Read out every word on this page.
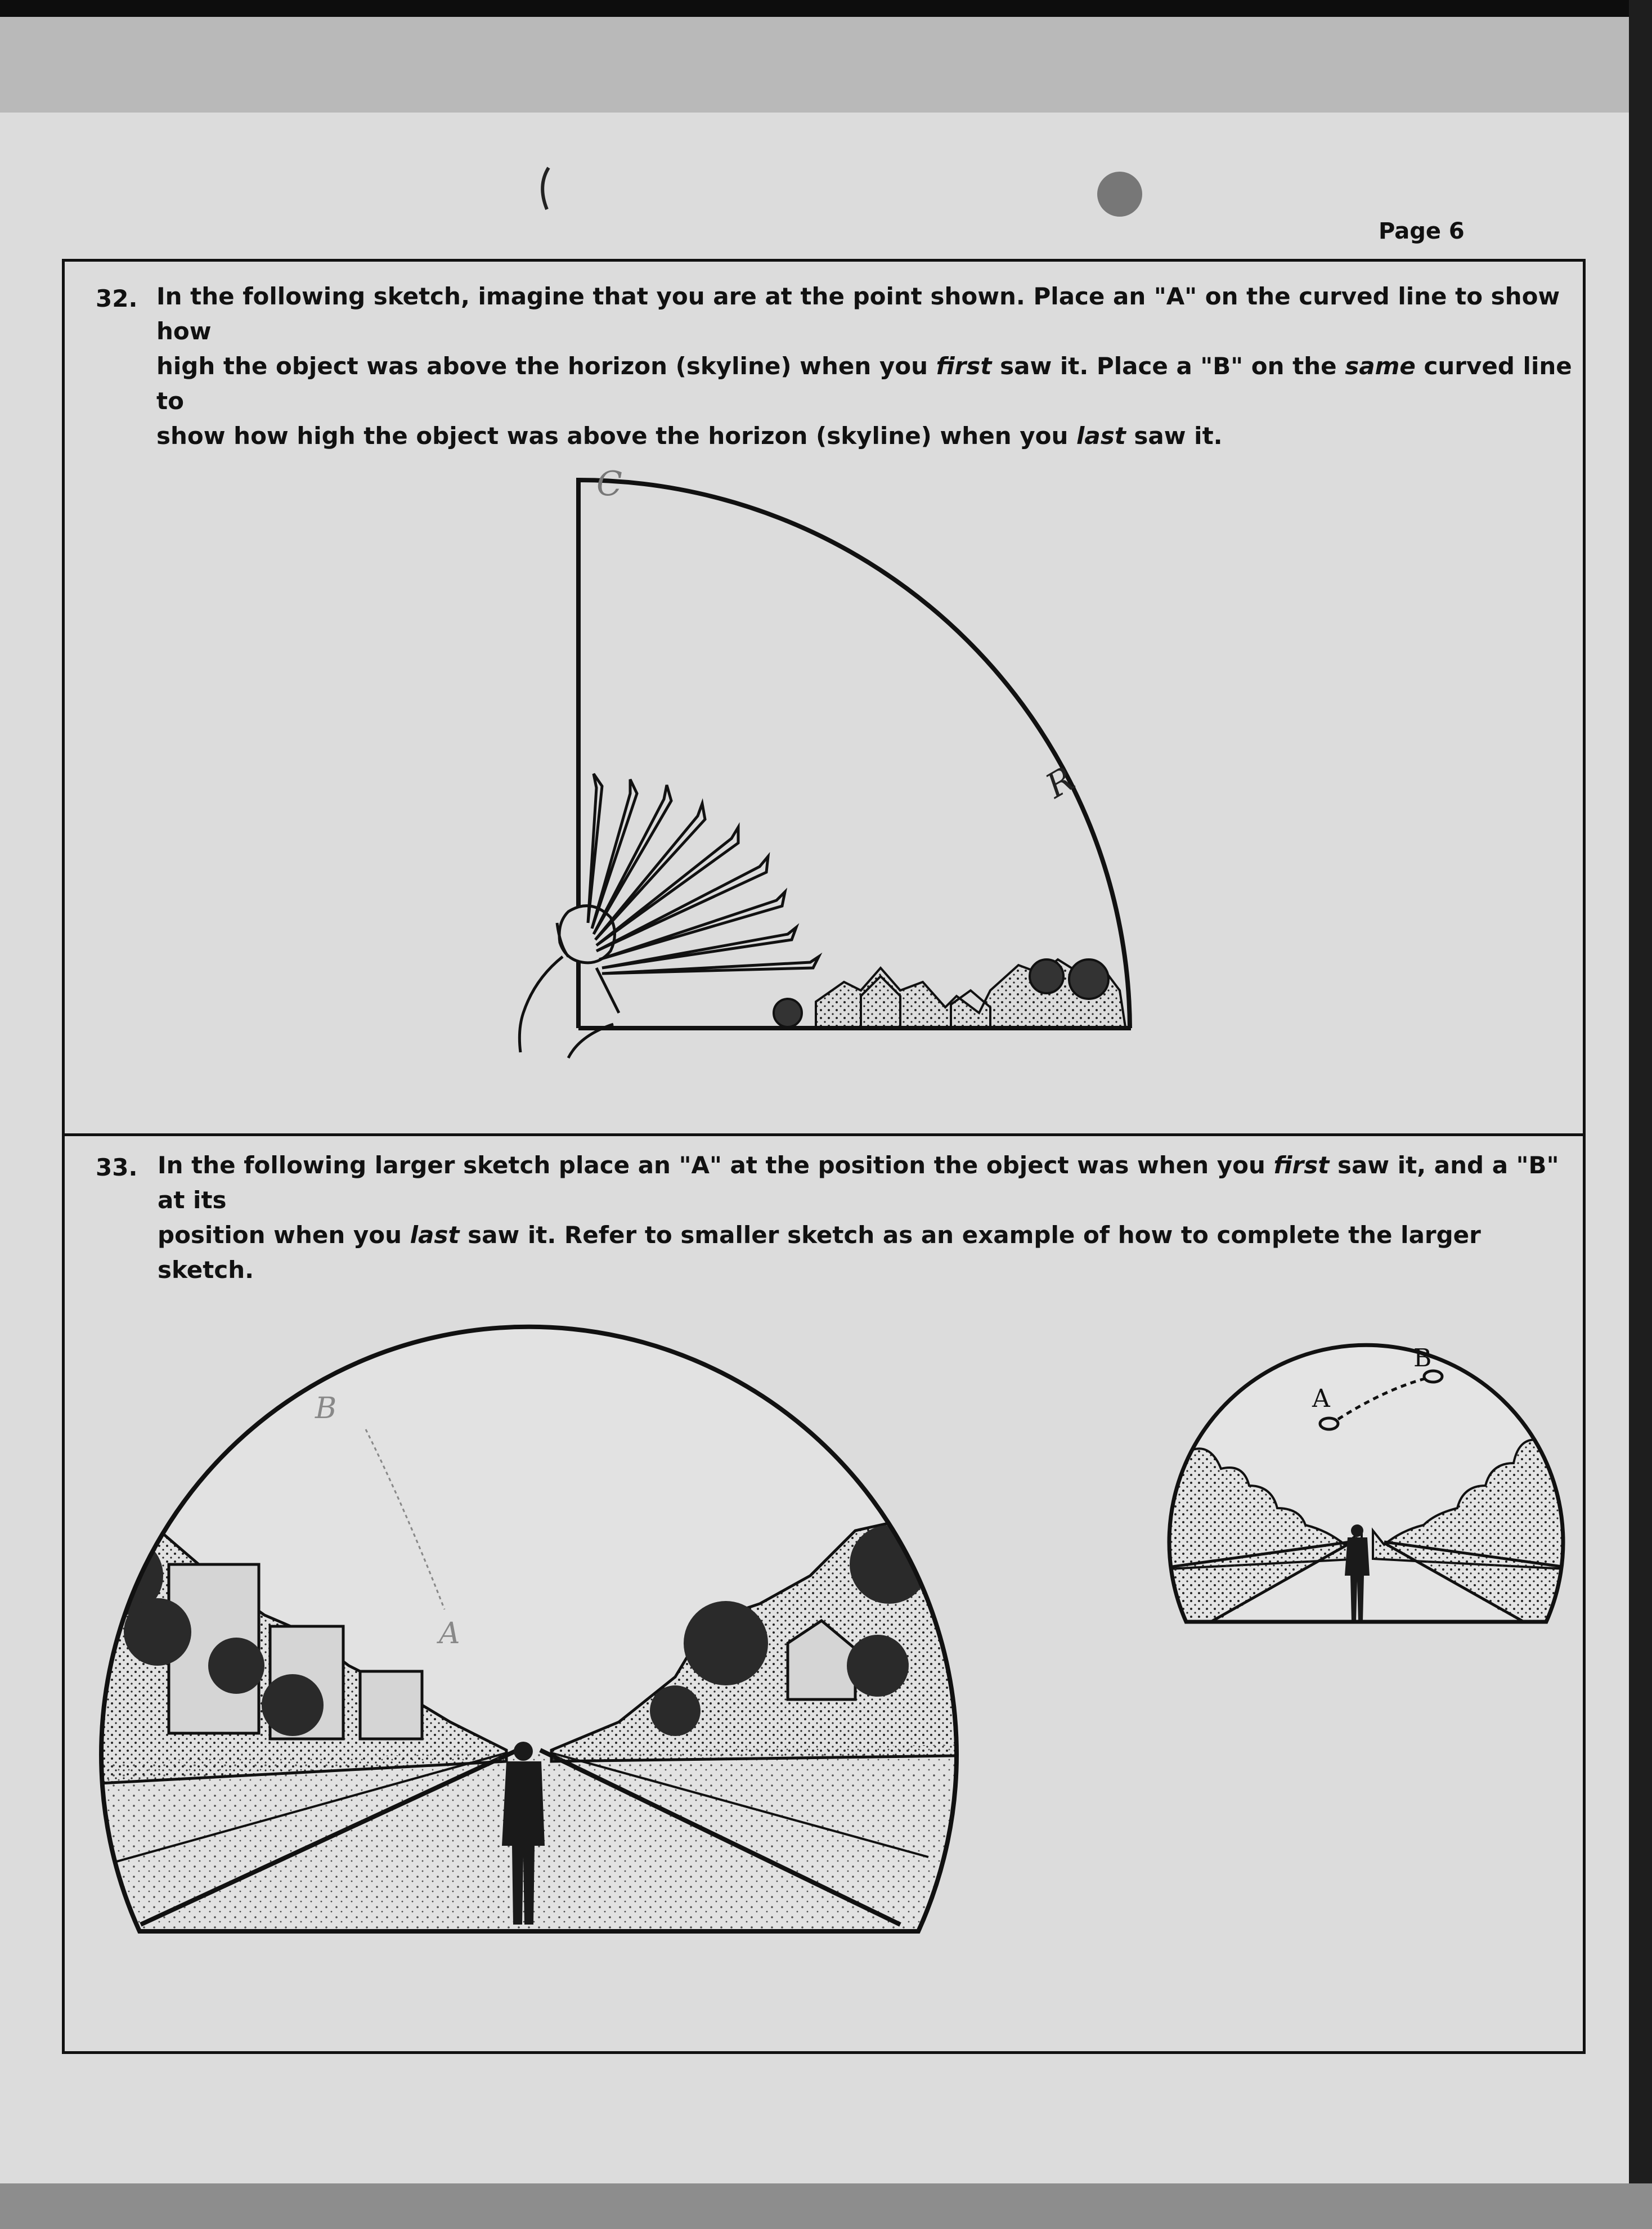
Page 6
32. In the following sketch, imagine that you are at the point shown. Place an "A" on the curved line to show how
high the object was above the horizon (skyline) when you first saw it. Place a "B" on the same curved line to
show how high the object was above the horizon (skyline) when you last saw it.
33. In the following larger sketch place an "A" at the position the object was when you first saw it, and a "B" at its
position when you last saw it. Refer to smaller sketch as an example of how to complete the larger sketch.
C
R
B
A
A
B
